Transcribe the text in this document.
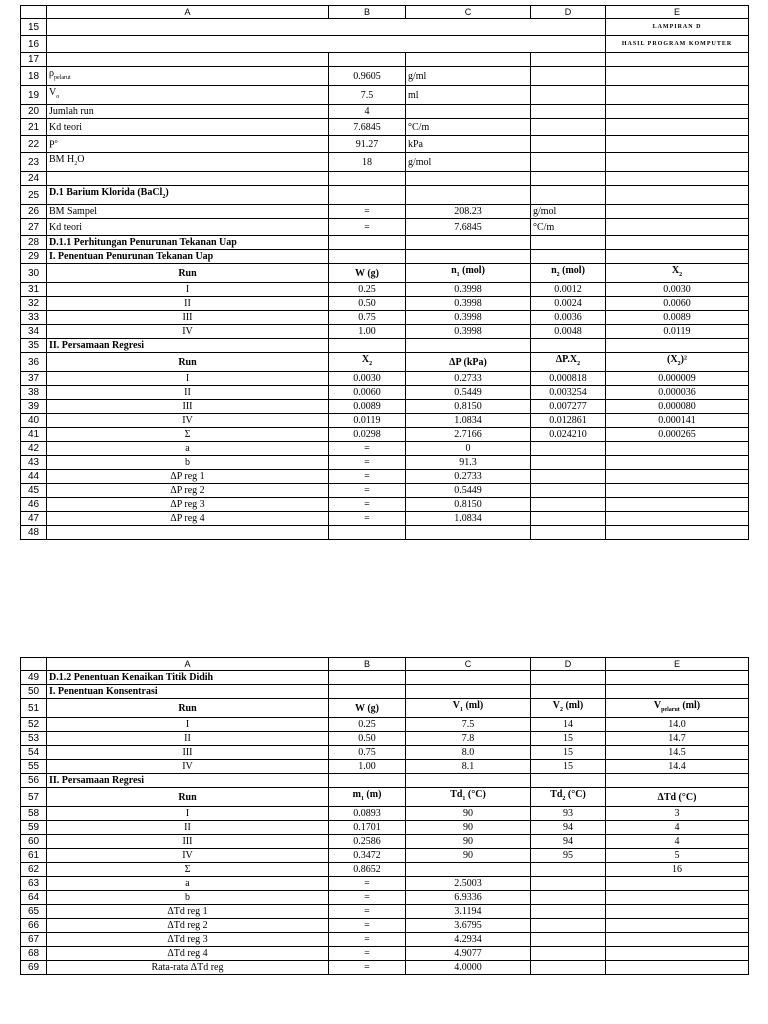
	A	B	C	D	E
15					LAMPIRAN D
16					HASIL PROGRAM KOMPUTER
17					
18	$\rho_{pelarut}$	0.9605	g/ml		
19	$V_o$	7.5	ml		
20	Jumlah run	4			
21	Kd teori	7.6845	°C/m		
22	$P^o$	91.27	kPa		
23	BM $H_2O$	18	g/mol		
24					
25	D.1 Barium Klorida (BaCl$_2$)				
26	BM Sampel	=	208.23	g/mol	
27	Kd teori	=	7.6845	°C/m	
28	D.1.1 Perhitungan Penurunan Tekanan Uap				
29	I. Penentuan Penurunan Tekanan Uap				
30	Run	W (g)	$n_1$ (mol)	$n_2$ (mol)	$X_2$
31	I	0.25	0.3998	0.0012	0.0030
32	II	0.50	0.3998	0.0024	0.0060
33	III	0.75	0.3998	0.0036	0.0089
34	IV	1.00	0.3998	0.0048	0.0119
35	II. Persamaan Regresi				
36	Run	$X_2$	ΔP (kPa)	$\Delta P.X_2$	$(X_2)^2$
37	I	0.0030	0.2733	0.000818	0.000009
38	II	0.0060	0.5449	0.003254	0.000036
39	III	0.0089	0.8150	0.007277	0.000080
40	IV	0.0119	1.0834	0.012861	0.000141
41	Σ	0.0298	2.7166	0.024210	0.000265
42	a	=	0		
43	b	=	91.3		
44	ΔP reg 1	=	0.2733		
45	ΔP reg 2	=	0.5449		
46	ΔP reg 3	=	0.8150		
47	ΔP reg 4	=	1.0834		
48					
	A	B	C	D	E
49	D.1.2 Penentuan Kenaikan Titik Didih				
50	I. Penentuan Konsentrasi				
51	Run	W (g)	$V_1$ (ml)	$V_2$ (ml)	$V_{pelarut}$ (ml)
52	I	0.25	7.5	14	14.0
53	II	0.50	7.8	15	14.7
54	III	0.75	8.0	15	14.5
55	IV	1.00	8.1	15	14.4
56	II. Persamaan Regresi				
57	Run	$m_1$ (m)	$Td_1$ (°C)	$Td_2$ (°C)	ΔTd (°C)
58	I	0.0893	90	93	3
59	II	0.1701	90	94	4
60	III	0.2586	90	94	4
61	IV	0.3472	90	95	5
62	Σ	0.8652			16
63	a	=	2.5003		
64	b	=	6.9336		
65	ΔTd reg 1	=	3.1194		
66	ΔTd reg 2	=	3.6795		
67	ΔTd reg 3	=	4.2934		
68	ΔTd reg 4	=	4.9077		
69	Rata-rata ΔTd reg	=	4.0000		
